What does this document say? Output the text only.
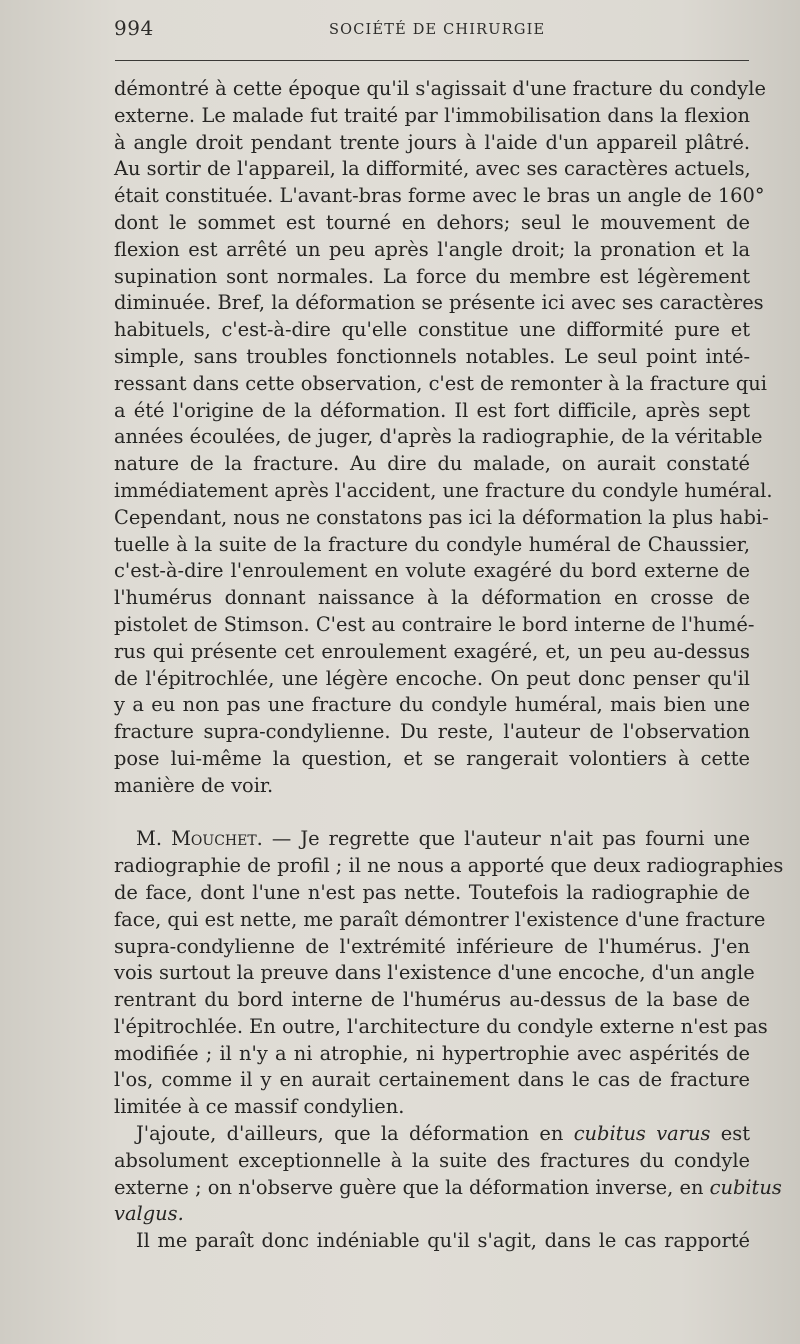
994	SOCIÉTÉ DE CHIRURGIE
démontré à cette époque qu'il s'agissait d'une fracture du condyle
externe. Le malade fut traité par l'immobilisation dans la flexion
à angle droit pendant trente jours à l'aide d'un appareil plâtré.
Au sortir de l'appareil, la difformité, avec ses caractères actuels,
était constituée. L'avant-bras forme avec le bras un angle de 160°
dont le sommet est tourné en dehors; seul le mouvement de
flexion est arrêté un peu après l'angle droit; la pronation et la
supination sont normales. La force du membre est légèrement
diminuée. Bref, la déformation se présente ici avec ses caractères
habituels, c'est-à-dire qu'elle constitue une difformité pure et
simple, sans troubles fonctionnels notables. Le seul point inté-
ressant dans cette observation, c'est de remonter à la fracture qui
a été l'origine de la déformation. Il est fort difficile, après sept
années écoulées, de juger, d'après la radiographie, de la véritable
nature de la fracture. Au dire du malade, on aurait constaté
immédiatement après l'accident, une fracture du condyle huméral.
Cependant, nous ne constatons pas ici la déformation la plus habi-
tuelle à la suite de la fracture du condyle huméral de Chaussier,
c'est-à-dire l'enroulement en volute exagéré du bord externe de
l'humérus donnant naissance à la déformation en crosse de
pistolet de Stimson. C'est au contraire le bord interne de l'humé-
rus qui présente cet enroulement exagéré, et, un peu au-dessus
de l'épitrochlée, une légère encoche. On peut donc penser qu'il
y a eu non pas une fracture du condyle huméral, mais bien une
fracture supra-condylienne. Du reste, l'auteur de l'observation
pose lui-même la question, et se rangerait volontiers à cette
manière de voir.
M. Mouchet. — Je regrette que l'auteur n'ait pas fourni une
radiographie de profil ; il ne nous a apporté que deux radiographies
de face, dont l'une n'est pas nette. Toutefois la radiographie de
face, qui est nette, me paraît démontrer l'existence d'une fracture
supra-condylienne de l'extrémité inférieure de l'humérus. J'en
vois surtout la preuve dans l'existence d'une encoche, d'un angle
rentrant du bord interne de l'humérus au-dessus de la base de
l'épitrochlée. En outre, l'architecture du condyle externe n'est pas
modifiée ; il n'y a ni atrophie, ni hypertrophie avec aspérités de
l'os, comme il y en aurait certainement dans le cas de fracture
limitée à ce massif condylien.
J'ajoute, d'ailleurs, que la déformation en cubitus varus est
absolument exceptionnelle à la suite des fractures du condyle
externe ; on n'observe guère que la déformation inverse, en cubitus
valgus.
Il me paraît donc indéniable qu'il s'agit, dans le cas rapporté
